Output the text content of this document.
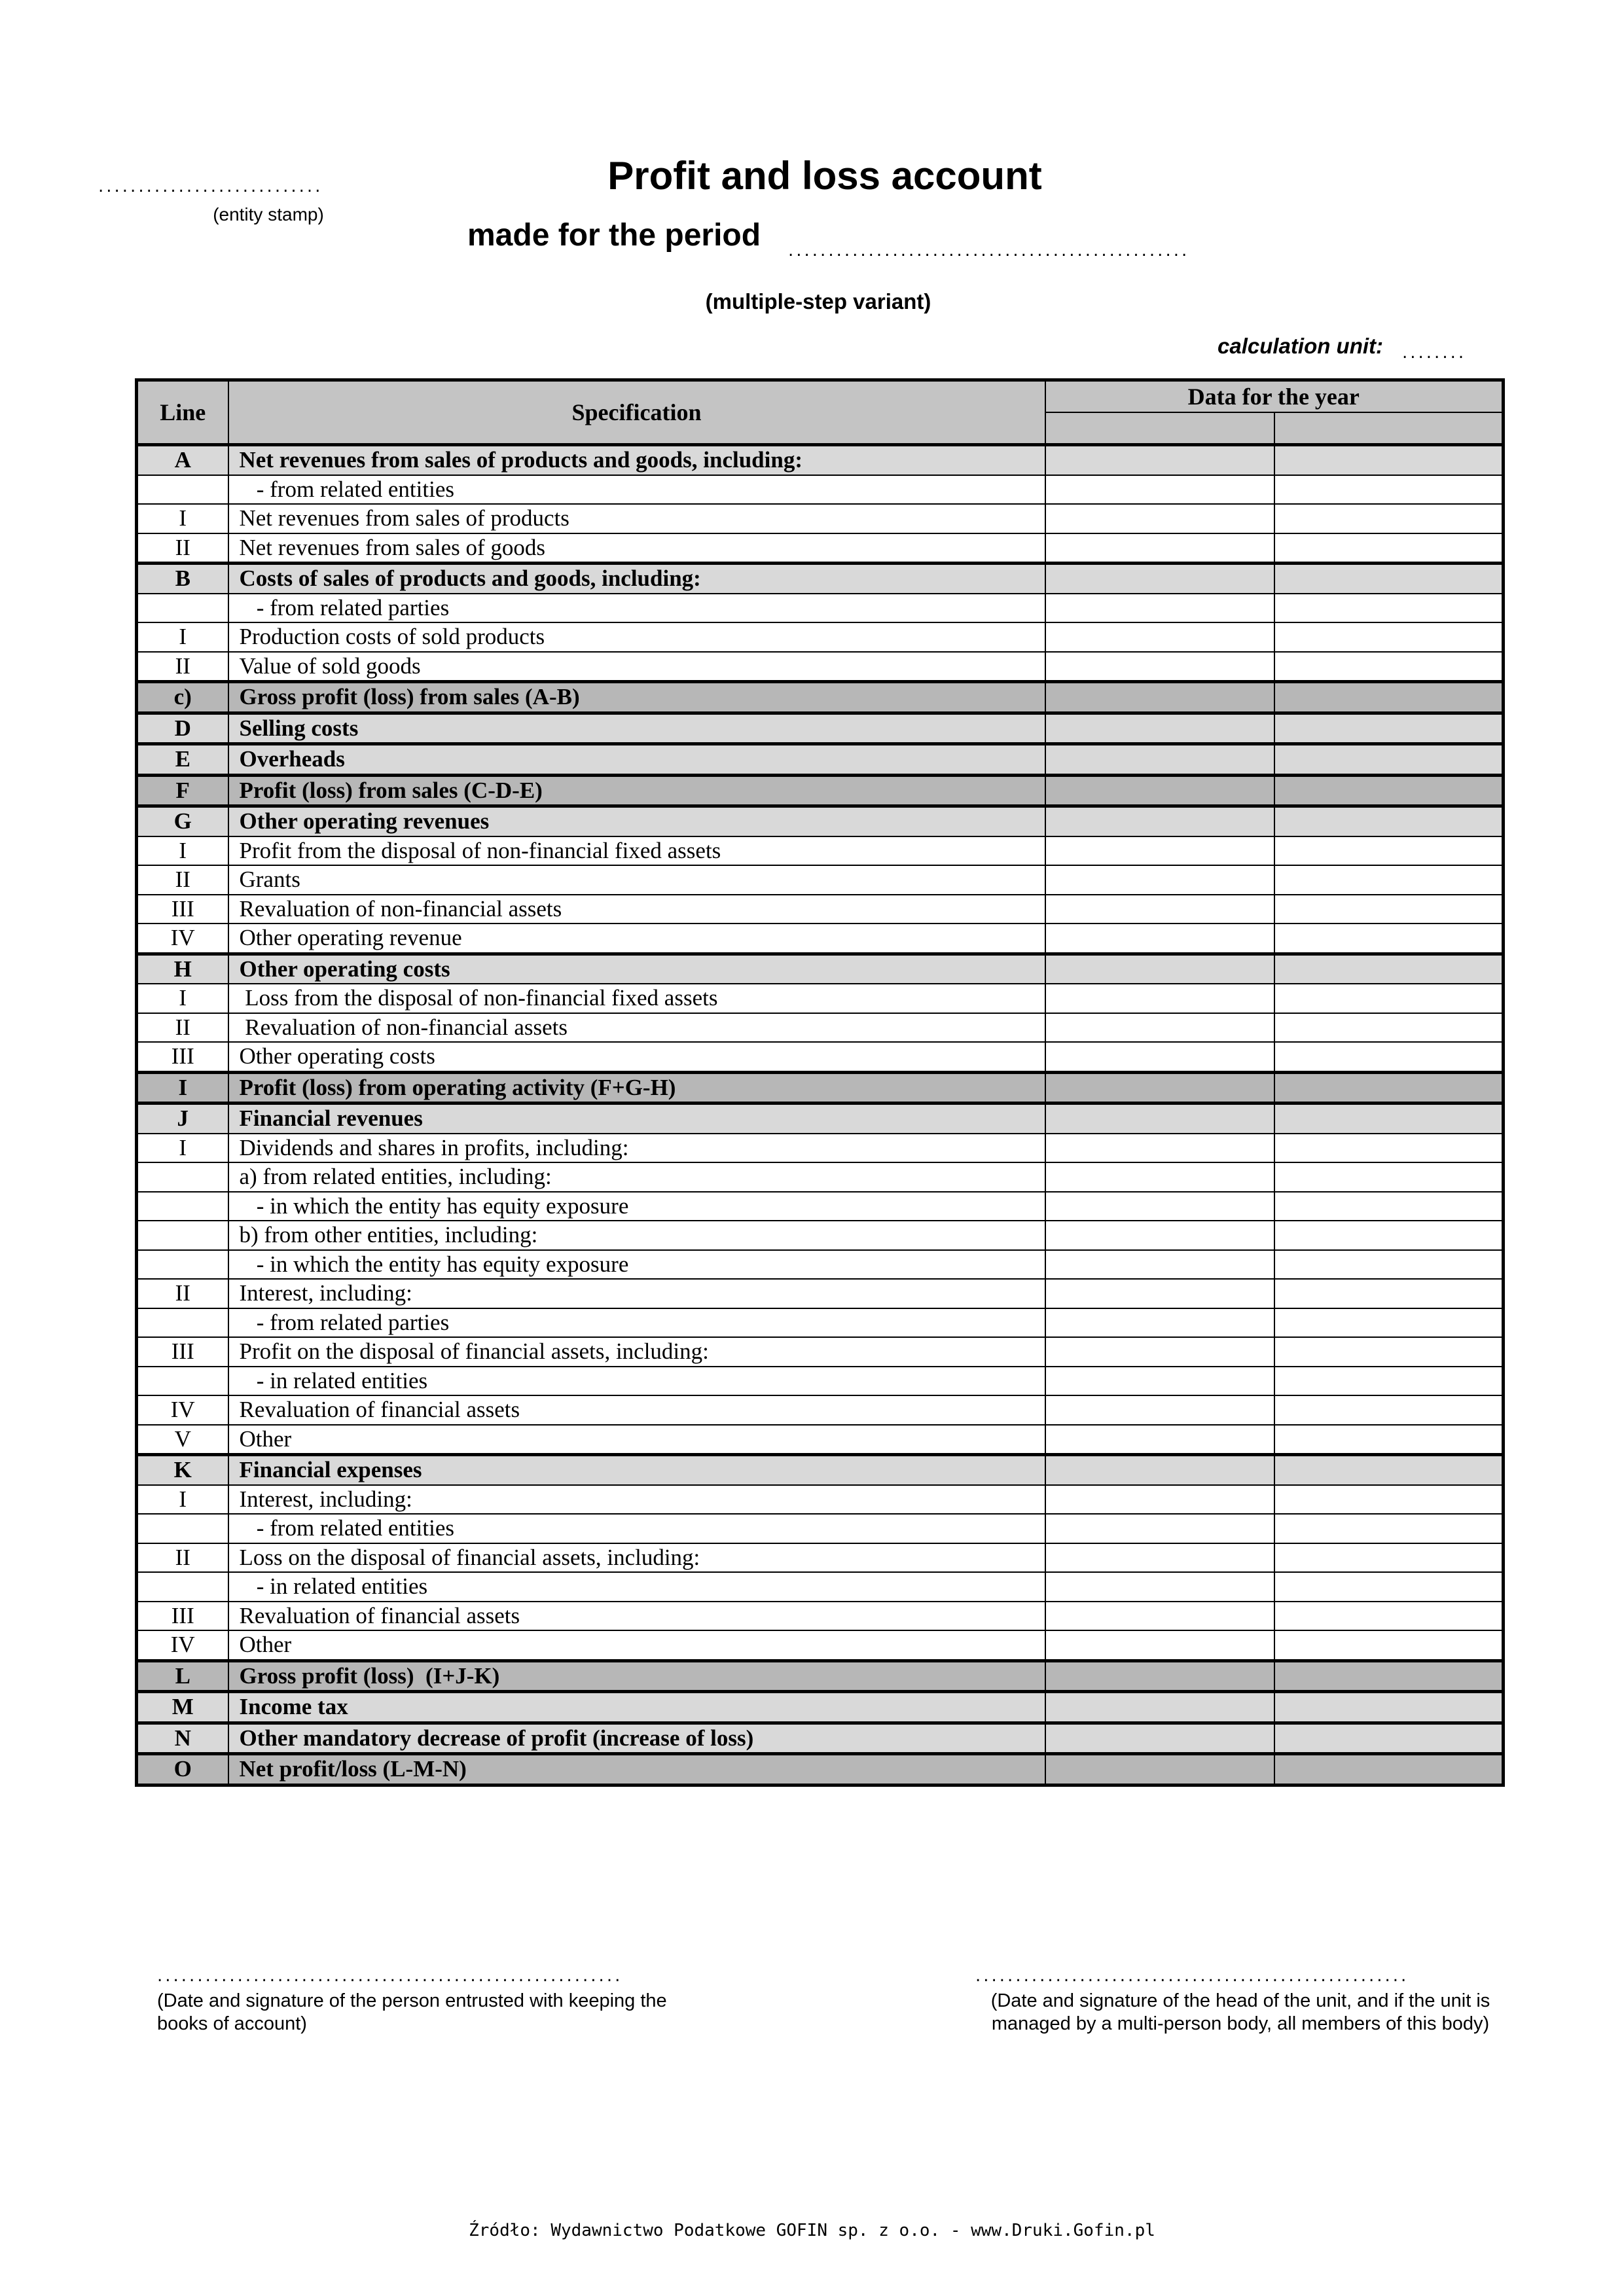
............................
(entity stamp)
Profit and loss account
made for the period ..................................................
(multiple-step variant)
calculation unit: ........
Line	Specification	Data for the year	

A	Net revenues from sales of products and goods, including:		
	- from related entities		
I	Net revenues from sales of products		
II	Net revenues from sales of goods		
B	Costs of sales of products and goods, including:		
	- from related parties		
I	Production costs of sold products		
II	Value of sold goods		
c)	Gross profit (loss) from sales (A-B)		
D	Selling costs		
E	Overheads		
F	Profit (loss) from sales (C-D-E)		
G	Other operating revenues		
I	Profit from the disposal of non-financial fixed assets		
II	Grants		
III	Revaluation of non-financial assets		
IV	Other operating revenue		
H	Other operating costs		
I	Loss from the disposal of non-financial fixed assets		
II	Revaluation of non-financial assets		
III	Other operating costs		
I	Profit (loss) from operating activity (F+G-H)		
J	Financial revenues		
I	Dividends and shares in profits, including:		
	a) from related entities, including:		
	- in which the entity has equity exposure		
	b) from other entities, including:		
	- in which the entity has equity exposure		
II	Interest, including:		
	- from related parties		
III	Profit on the disposal of financial assets, including:		
	- in related entities		
IV	Revaluation of financial assets		
V	Other		
K	Financial expenses		
I	Interest, including:		
	- from related entities		
II	Loss on the disposal of financial assets, including:		
	- in related entities		
III	Revaluation of financial assets		
IV	Other		
L	Gross profit (loss)  (I+J-K)		
M	Income tax		
N	Other mandatory decrease of profit (increase of loss)		
O	Net profit/loss (L-M-N)		
..........................................................
(Date and signature of the person entrusted with keeping the books of account)
......................................................
(Date and signature of the head of the unit, and if the unit is managed by a multi-person body, all members of this body)
Źródło: Wydawnictwo Podatkowe GOFIN sp. z o.o. - www.Druki.Gofin.pl
